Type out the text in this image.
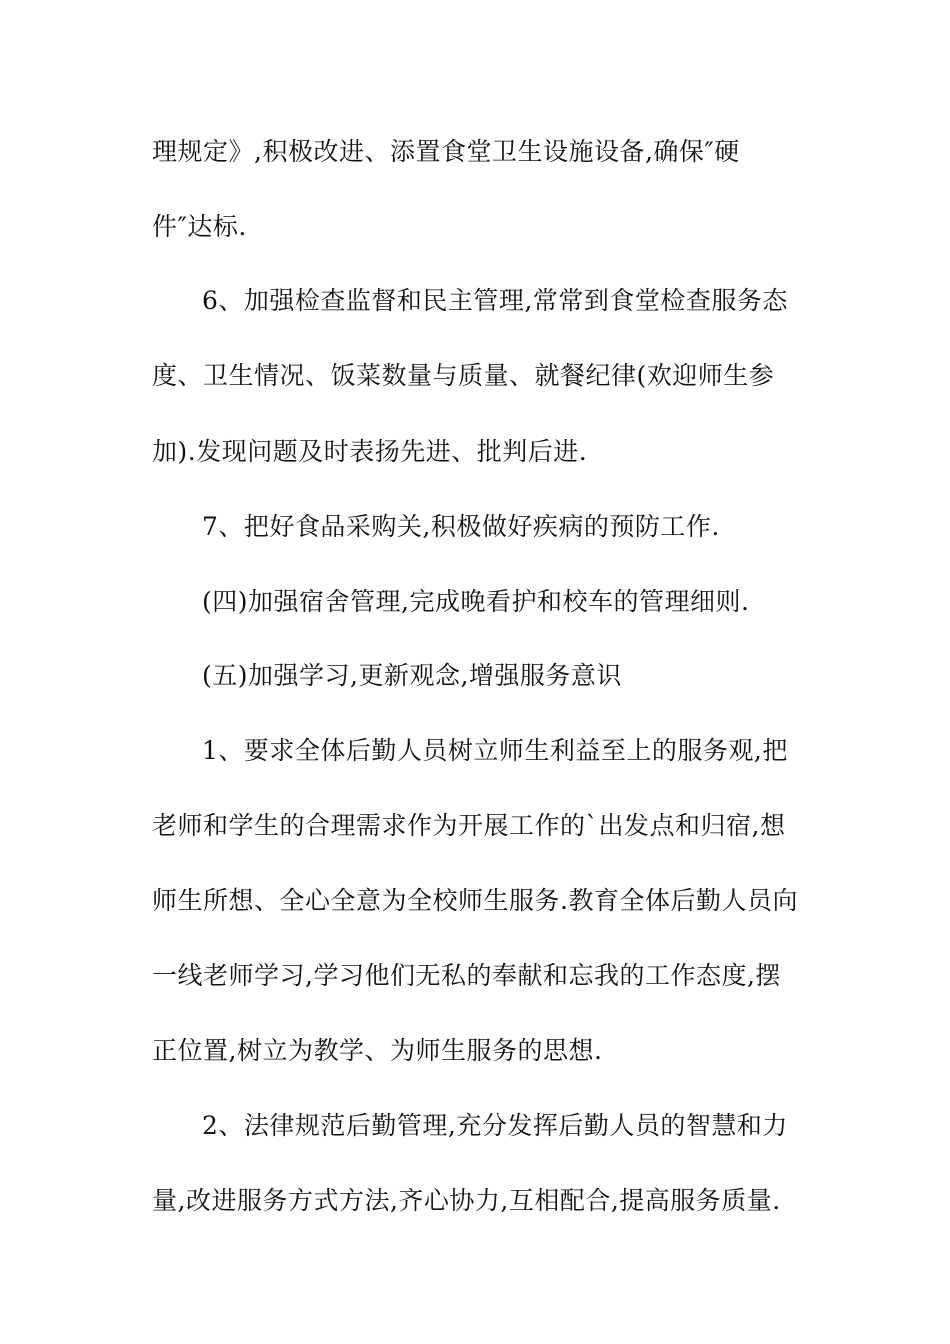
理规定》,积极改进、添置食堂卫生设施设备,确保″硬
件″达标.
6、加强检查监督和民主管理,常常到食堂检查服务态
度、卫生情况、饭菜数量与质量、就餐纪律(欢迎师生参
加).发现问题及时表扬先进、批判后进.
7、把好食品采购关,积极做好疾病的预防工作.
(四)加强宿舍管理,完成晚看护和校车的管理细则.
(五)加强学习,更新观念,增强服务意识
1、要求全体后勤人员树立师生利益至上的服务观,把
老师和学生的合理需求作为开展工作的`出发点和归宿,想
师生所想、全心全意为全校师生服务.教育全体后勤人员向
一线老师学习,学习他们无私的奉献和忘我的工作态度,摆
正位置,树立为教学、为师生服务的思想.
2、法律规范后勤管理,充分发挥后勤人员的智慧和力
量,改进服务方式方法,齐心协力,互相配合,提高服务质量.
